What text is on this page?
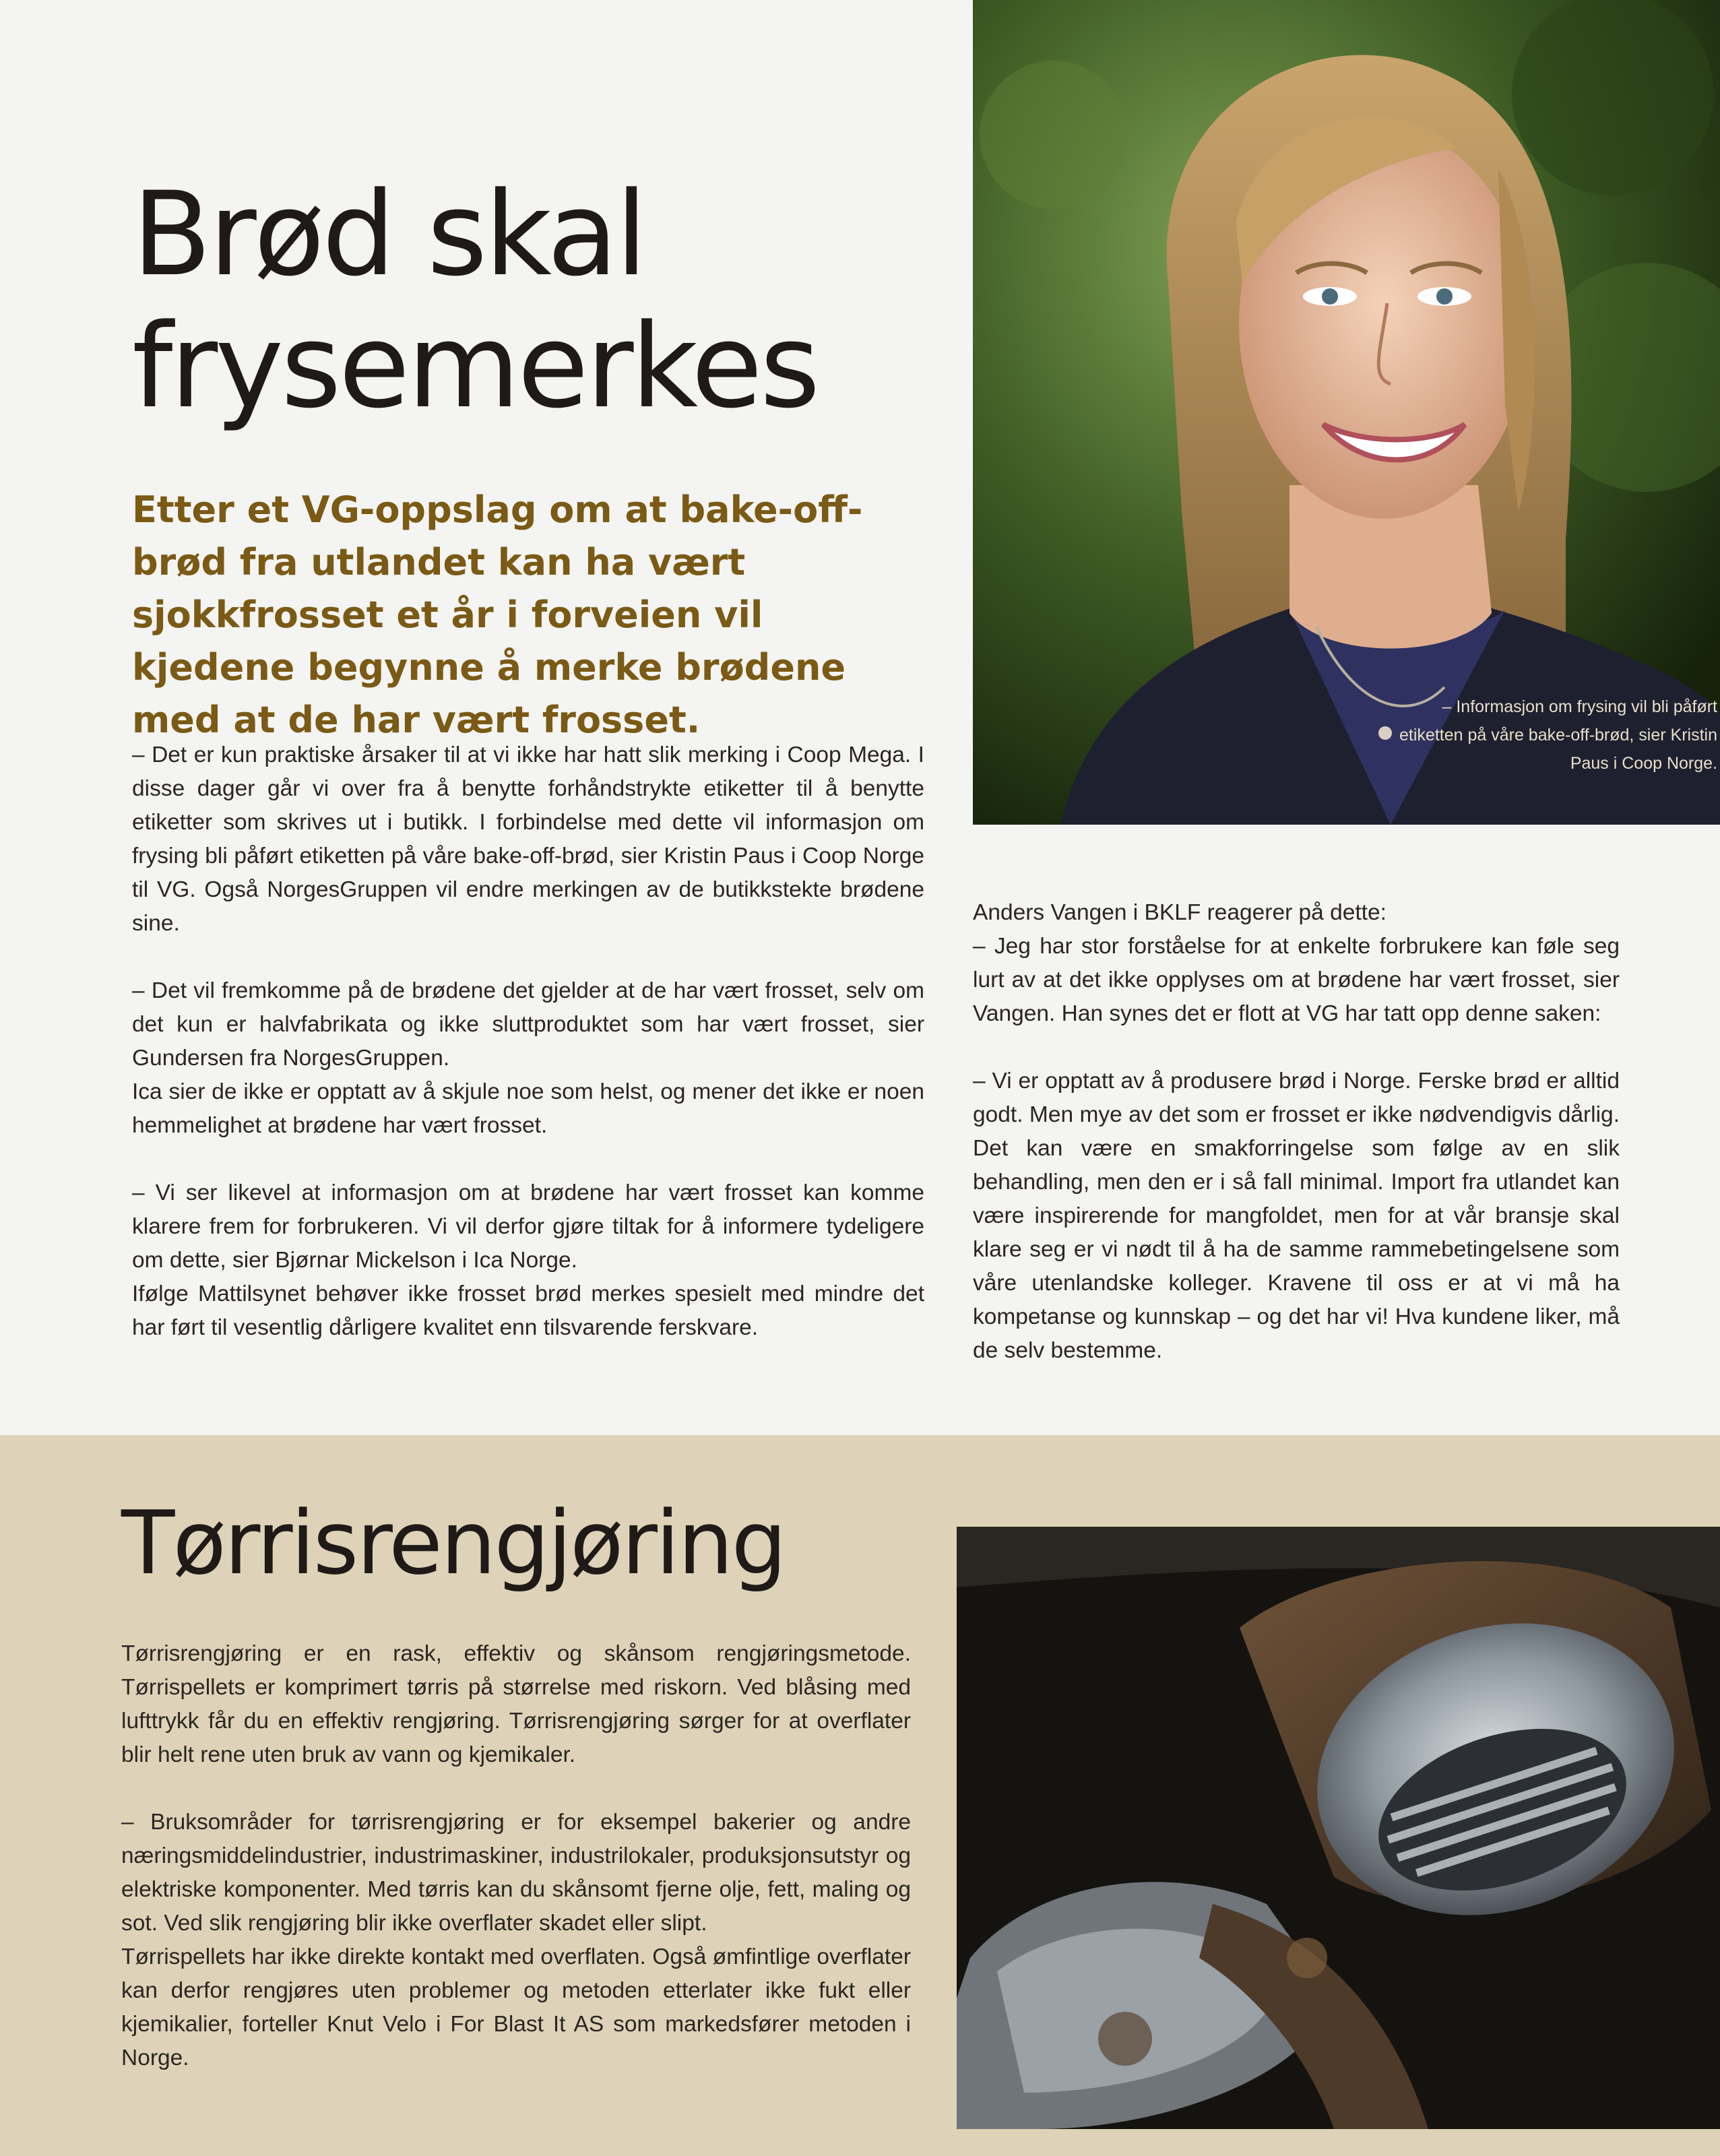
Brød skal
frysemerkes

Etter et VG-oppslag om at bake-off-brød fra utlandet kan ha vært sjokkfrosset et år i forveien vil kjedene begynne å merke brødene med at de har vært frosset.	– Informasjon om frysing vil bli påført etiketten på våre bake-off-brød, sier Kristin Paus i Coop Norge.

– Det er kun praktiske årsaker til at vi ikke har hatt slik merking i Coop Mega. I disse dager går vi over fra å benytte forhåndstrykte etiketter til å benytte etiketter som skrives ut i butikk. I forbindelse med dette vil informasjon om frysing bli påført etiketten på våre bake-off-brød, sier Kristin Paus i Coop Norge til VG. Også NorgesGruppen vil endre merkingen av de butikkstekte brødene sine.

– Det vil fremkomme på de brødene det gjelder at de har vært frosset, selv om det kun er halvfabrikata og ikke sluttproduktet som har vært frosset, sier Gundersen fra NorgesGruppen.

Ica sier de ikke er opptatt av å skjule noe som helst, og mener det ikke er noen hemmelighet at brødene har vært frosset.

– Vi ser likevel at informasjon om at brødene har vært frosset kan komme klarere frem for forbrukeren. Vi vil derfor gjøre tiltak for å informere tydeligere om dette, sier Bjørnar Mickelson i Ica Norge.

Ifølge Mattilsynet behøver ikke frosset brød merkes spesielt med mindre det har ført til vesentlig dårligere kvalitet enn tilsvarende ferskvare.

Anders Vangen i BKLF reagerer på dette:

– Jeg har stor forståelse for at enkelte forbrukere kan føle seg lurt av at det ikke opplyses om at brødene har vært frosset, sier Vangen. Han synes det er flott at VG har tatt opp denne saken:

– Vi er opptatt av å produsere brød i Norge. Ferske brød er alltid godt. Men mye av det som er frosset er ikke nødvendigvis dårlig. Det kan være en smakforringelse som følge av en slik behandling, men den er i så fall minimal. Import fra utlandet kan være inspirerende for mangfoldet, men for at vår bransje skal klare seg er vi nødt til å ha de samme rammebetingelsene som våre utenlandske kolleger. Kravene til oss er at vi må ha kompetanse og kunnskap – og det har vi! Hva kundene liker, må de selv bestemme.

Tørrisrengjøring

Tørrisrengjøring er en rask, effektiv og skånsom rengjøringsmetode. Tørrispellets er komprimert tørris på størrelse med riskorn. Ved blåsing med lufttrykk får du en effektiv rengjøring. Tørrisrengjøring sørger for at overflater blir helt rene uten bruk av vann og kjemikaler.

– Bruksområder for tørrisrengjøring er for eksempel bakerier og andre næringsmiddelindustrier, industrimaskiner, industrilokaler, produksjonsutstyr og elektriske komponenter. Med tørris kan du skånsomt fjerne olje, fett, maling og sot. Ved slik rengjøring blir ikke overflater skadet eller slipt.

Tørrispellets har ikke direkte kontakt med overflaten. Også ømfintlige overflater kan derfor rengjøres uten problemer og metoden etterlater ikke fukt eller kjemikalier, forteller Knut Velo i For Blast It AS som markedsfører metoden i Norge.
